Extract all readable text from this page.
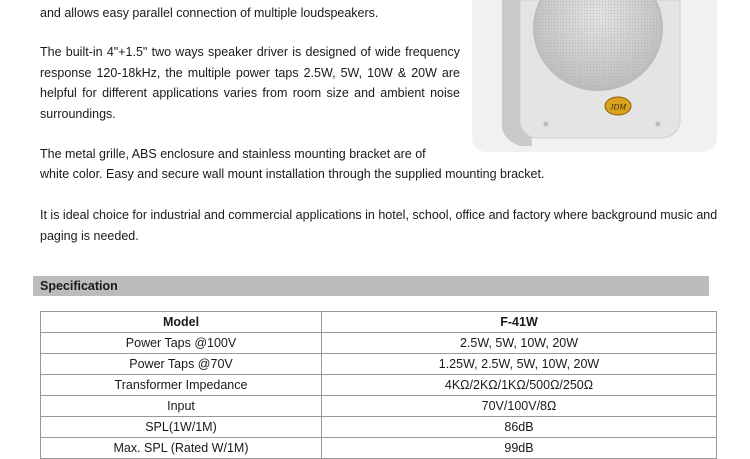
and allows easy parallel connection of multiple loudspeakers.

The built-in 4"+1.5" two ways speaker driver is designed of wide frequency response 120-18kHz, the multiple power taps 2.5W, 5W, 10W & 20W are helpful for different applications varies from room size and ambient noise surroundings.

The metal grille, ABS enclosure and stainless mounting bracket are of

white color. Easy and secure wall mount installation through the supplied mounting bracket.

It is ideal choice for industrial and commercial applications in hotel, school, office and factory where background music and paging is needed.

JDM
Specification
Model	F-41W
Power Taps @100V	2.5W, 5W, 10W, 20W
Power Taps @70V	1.25W, 2.5W, 5W, 10W, 20W
Transformer Impedance	4KΩ/2KΩ/1KΩ/500Ω/250Ω
Input	70V/100V/8Ω
SPL(1W/1M)	86dB
Max. SPL (Rated W/1M)	99dB
